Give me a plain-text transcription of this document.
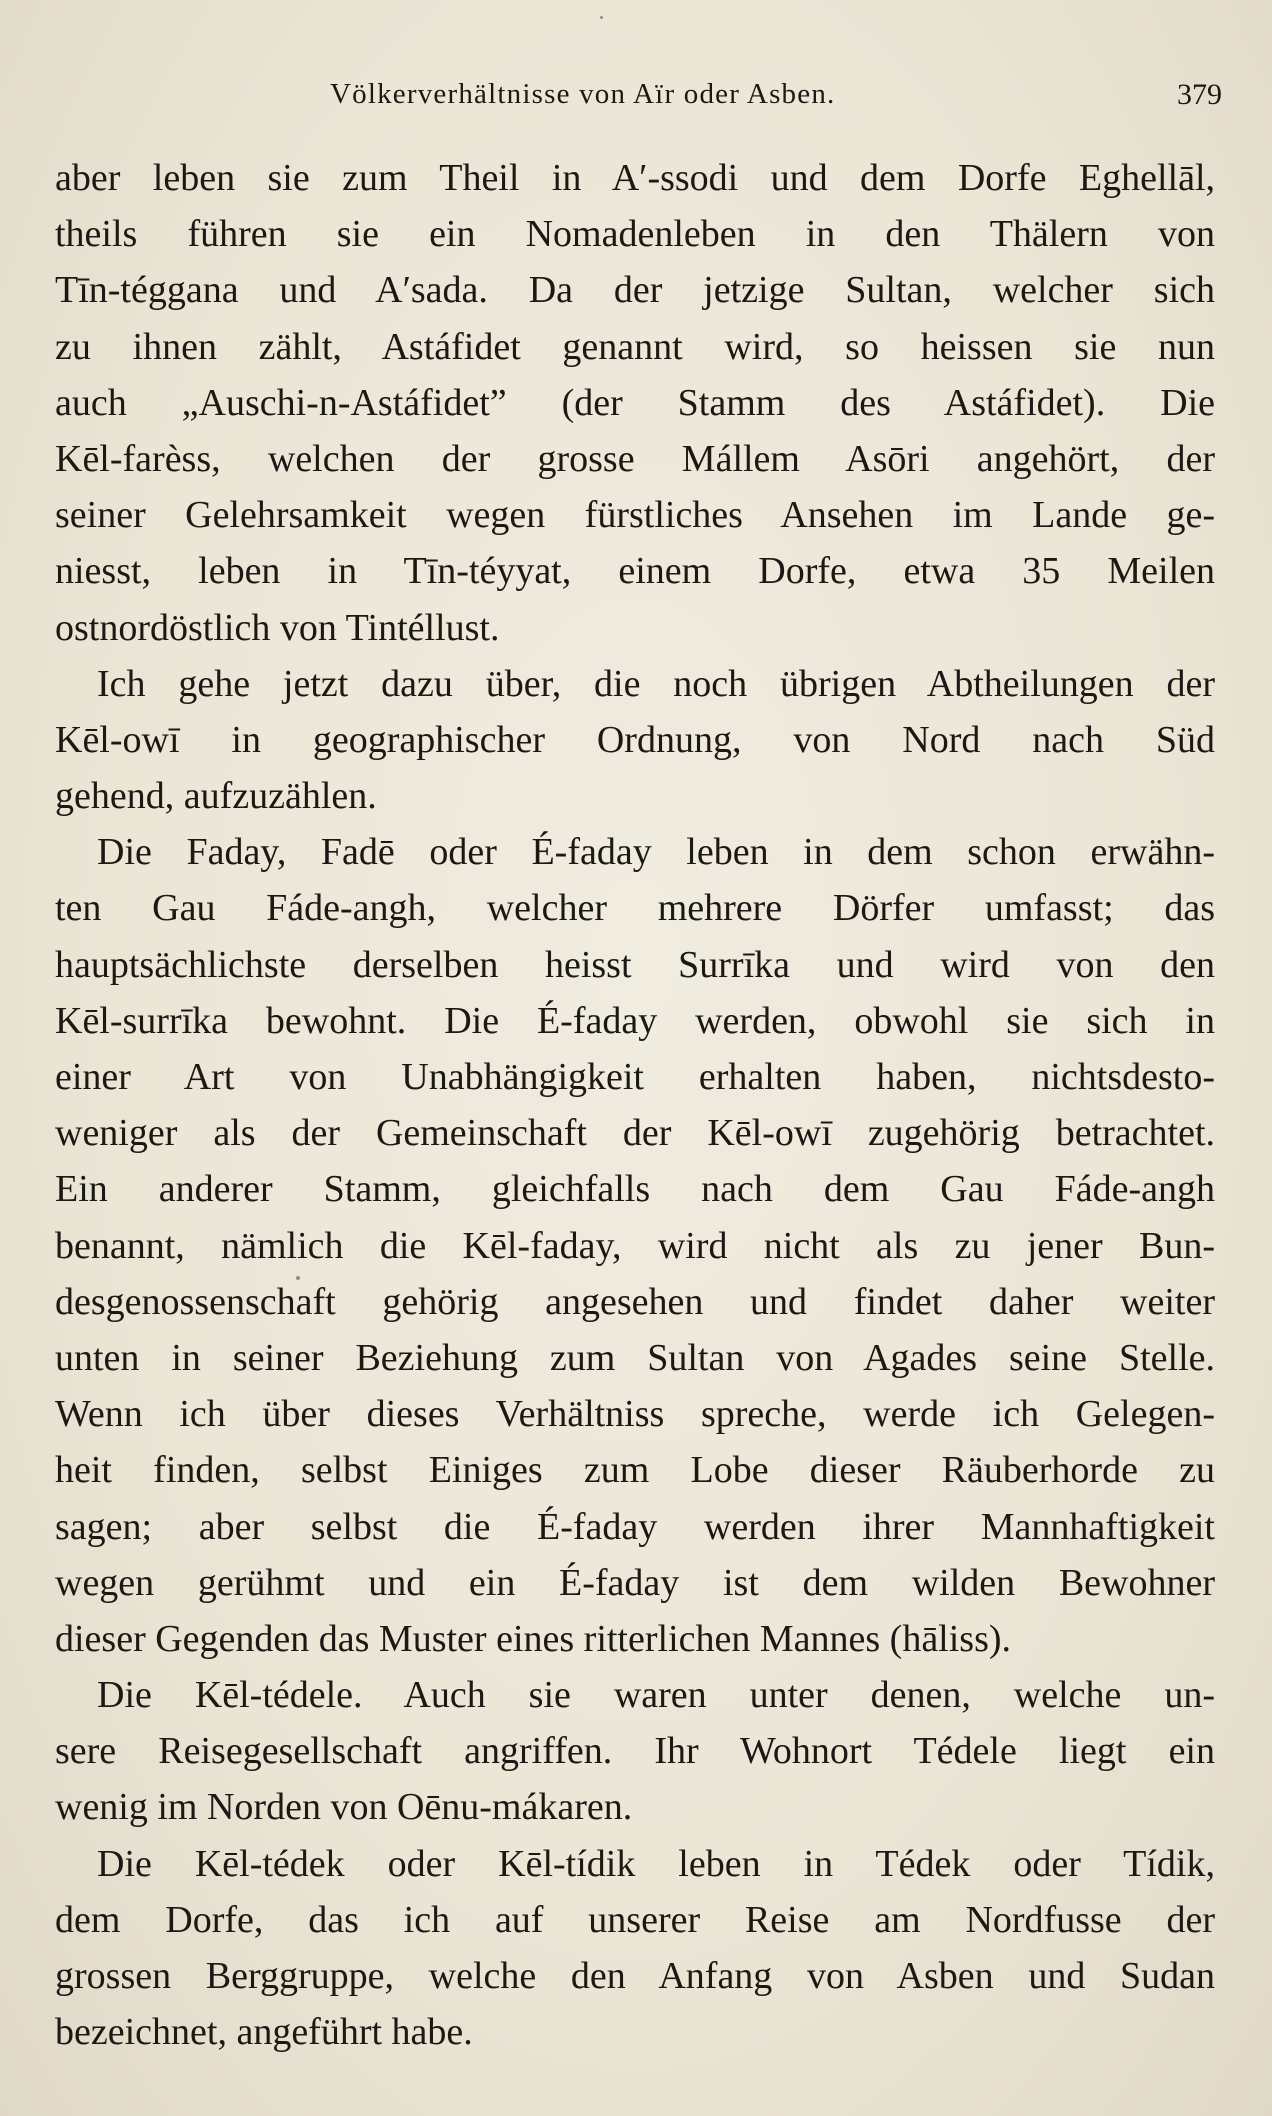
Völkerverhältnisse von Aïr oder Asben.	379
aber leben sie zum Theil in A′-ssodi und dem Dorfe Eghellāl,
theils führen sie ein Nomadenleben in den Thälern von
Tīn-téggana und A′sada. Da der jetzige Sultan, welcher sich
zu ihnen zählt, Astáfidet genannt wird, so heissen sie nun
auch „Auschi-n-Astáfidet” (der Stamm des Astáfidet). Die
Kēl-farèss, welchen der grosse Mállem Asōri angehört, der
seiner Gelehrsamkeit wegen fürstliches Ansehen im Lande ge-
niesst, leben in Tīn-téyyat, einem Dorfe, etwa 35 Meilen
ostnordöstlich von Tintéllust.
Ich gehe jetzt dazu über, die noch übrigen Abtheilungen der
Kēl-owī in geographischer Ordnung, von Nord nach Süd
gehend, aufzuzählen.
Die Faday, Fadē oder É-faday leben in dem schon erwähn-
ten Gau Fáde-angh, welcher mehrere Dörfer umfasst; das
hauptsächlichste derselben heisst Surrīka und wird von den
Kēl-surrīka bewohnt. Die É-faday werden, obwohl sie sich in
einer Art von Unabhängigkeit erhalten haben, nichtsdesto-
weniger als der Gemeinschaft der Kēl-owī zugehörig betrachtet.
Ein anderer Stamm, gleichfalls nach dem Gau Fáde-angh
benannt, nämlich die Kēl-faday, wird nicht als zu jener Bun-
desgenossenschaft gehörig angesehen und findet daher weiter
unten in seiner Beziehung zum Sultan von Agades seine Stelle.
Wenn ich über dieses Verhältniss spreche, werde ich Gelegen-
heit finden, selbst Einiges zum Lobe dieser Räuberhorde zu
sagen; aber selbst die É-faday werden ihrer Mannhaftigkeit
wegen gerühmt und ein É-faday ist dem wilden Bewohner
dieser Gegenden das Muster eines ritterlichen Mannes (hāliss).
Die Kēl-tédele. Auch sie waren unter denen, welche un-
sere Reisegesellschaft angriffen. Ihr Wohnort Tédele liegt ein
wenig im Norden von Oēnu-mákaren.
Die Kēl-tédek oder Kēl-tídik leben in Tédek oder Tídik,
dem Dorfe, das ich auf unserer Reise am Nordfusse der
grossen Berggruppe, welche den Anfang von Asben und Sudan
bezeichnet, angeführt habe.
